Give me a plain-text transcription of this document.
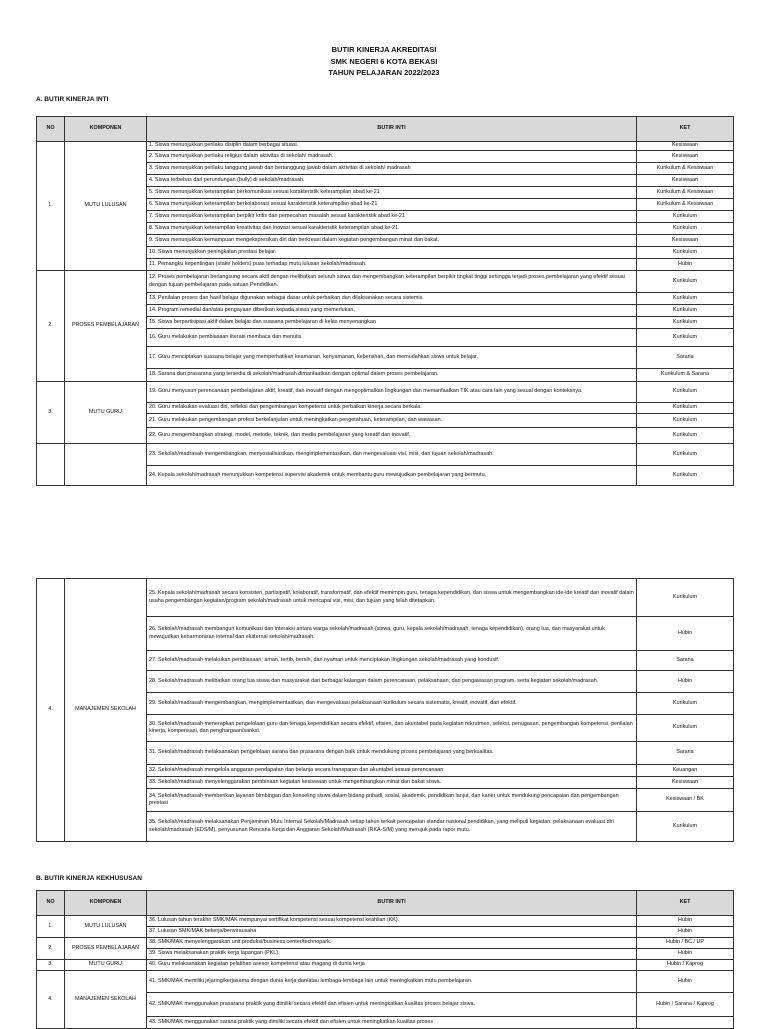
BUTIR KINERJA AKREDITASI
SMK NEGERI 6 KOTA BEKASI
TAHUN PELAJARAN 2022/2023
A. BUTIR KINERJA INTI
NO	KOMPONEN	BUTIR INTI	KET
1.	MUTU LULUSAN	1. Siswa menunjukkan perilaku disiplin dalam berbagai situasi.	Kesiswaan
		2. Siswa menunjukkan perilaku religius dalam aktivitas di sekolah/ madrasah.	Kesiswaan
		3. Siswa menunjukkan perilaku tanggung jawab dan bertanggung jawab dalam aktivitas di sekolah/ madrasah	Kurikulum & Kesiswaan
		4. Siswa terbebas dari perundungan (bully) di sekolah/madrasah.	Kesiswaan
		5. Siswa menunjukkan keterampilan berkomunikasi sesuai karakteristik keterampilan abad ke-21	Kurikulum & Kesiswaan
		6. Siswa menunjukkan keterampilan berkolaborasi sesuai karakteristik keterampilan abad ke-21	Kurikulum & Kesiswaan
		7. Siswa menunjukkan keterampilan berpikir kritis dan pemecahan masalah sesuai karakteristik abad ke-21	Kurikulum
		8. Siswa menunjukkan keterampilan kreativitas dan inovasi sesuai karakteristik keterampilan abad ke-21.	Kurikulum
		9. Siswa menunjukkan kemampuan mengekspresikan diri dan berkreasi dalam kegiatan pengembangan minat dan bakat.	Kesiswaan
		10. Siswa menunjukkan peningkatan prestasi belajar.	Kurikulum
		11. Pemangku kepentingan (stake holders) puas terhadap mutu lulusan sekolah/madrasah.	Hubin
2.	PROSES PEMBELAJARAN	12. Proses pembelajaran berlangsung secara aktif dengan melibatkan seluruh siswa dan mengembangkan keterampilan berpikir tingkat tinggi sehingga terjadi proses pembelajaran yang efektif sesuai dengan tujuan pembelajaran pada satuan Pendidikan.	Kurikulum
		13. Penilaian proses dan hasil belajar digunakan sebagai dasar untuk perbaikan dan dilaksanakan secara sistemis.	Kurikulum
		14. Program remedial dan/atau pengayaan diberikan kepada siswa yang memerlukan.	Kurikulum
		15. Siswa berpartisipasi aktif dalam belajar dan suasana pembelajaran di kelas menyenangkan	Kurikulum
		16. Guru melakukan pembiasaan literasi membaca dan menulis.	Kurikulum
		17. Guru menciptakan suasana belajar yang memperhatikan keamanan, kenyamanan, kebersihan, dan memudahkan siswa untuk belajar.	Sarana
		18. Sarana dan prasarana yang tersedia di sekolah/madrasah dimanfaatkan dengan optimal dalam proses pembelajaran.	Kurikulum & Sarana
3.	MUTU GURU	19. Guru menyusun perencanaan pembelajaran aktif, kreatif, dan inovatif dengan mengoptimalkan lingkungan dan memanfaatkan TIK atau cara lain yang sesuai dengan konteksnya.	Kurikulum
		20. Guru melakukan evaluasi diri, refleksi dan pengembangan kompetensi untuk perbaikan kinerja secara berkala.	Kurikulum
		21. Guru melakukan pengembangan profesi berkelanjutan untuk meningkatkan pengetahuan, keterampilan, dan wawasan.	Kurikulum
		22. Guru mengembangkan strategi, model, metode, teknik, dan media pembelajaran yang kreatif dan inovatif.	Kurikulum
		23. Sekolah/madrasah mengembangkan, menyosialisasikan, mengimplementasikan, dan mengevaluasi visi, misi, dan tujuan sekolah/madrasah.	Kurikulum
		24. Kepala sekolah/madrasah menunjukkan kompetensi supervisi akademik untuk membantu guru mewujudkan pembelajaran yang bermutu.	Kurikulum
4.	MANAJEMEN SEKOLAH	25. Kepala sekolah/madrasah secara konsisten, partisipatif, kolaboratif, transformatif, dan efektif memimpin guru, tenaga kependidikan, dan siswa untuk mengembangkan ide-ide kreatif dan inovatif dalam usaha pengembangan kegiatan/program sekolah/madrasah untuk mencapai visi, misi, dan tujuan yang telah ditetapkan.	Kurikulum
		26. Sekolah/madrasah membangun komunikasi dan interaksi antara warga sekolah/madrasah (siswa, guru, kepala sekolah/madrasah, tenaga kependidikan), orang tua, dan masyarakat untuk mewujudkan keharmonisan internal dan eksternal sekolah/madrasah.	Hubin
		27. Sekolah/madrasah melakukan pembiasaan; aman, tertib, bersih, dan nyaman untuk menciptakan lingkungan sekolah/madrasah yang kondusif.	Sarana
		28. Sekolah/madrasah melibatkan orang tua siswa dan masyarakat dari berbagai kalangan dalam perencanaan, pelaksanaan, dan pengawasan program, serta kegiatan sekolah/madrasah.	Hubin
		29. Sekolah/madrasah mengembangkan, mengimplementasikan, dan mengevaluasi pelaksanaan kurikulum secara sistematis, kreatif, inovatif, dan efektif.	Kurikulum
		30. Sekolah/madrasah menerapkan pengelolaan guru dan tenaga kependidikan secara efektif, efisien, dan akuntabel pada kegiatan rekrutmen, seleksi, penugasan, pengembangan kompetensi, penilaian kinerja, kompensasi, dan penghargaan/sanksi.	Kurikulum
		31. Sekolah/madrasah melaksanakan pengelolaan sarana dan prasarana dengan baik untuk mendukung proses pembelajaran yang berkualitas.	Sarana
		32. Sekolah/madrasah mengelola anggaran pendapatan dan belanja secara transparan dan akuntabel sesuai perencanaan	Keuangan
		33. Sekolah/madrasah menyelenggarakan pembinaan kegiatan kesiswaan untuk mengembangkan minat dan bakat siswa.	Kesiswaan
		34. Sekolah/madrasah memberikan layanan bimbingan dan konseling siswa dalam bidang pribadi, sosial, akademik, pendidikan lanjut, dan karier untuk mendukung pencapaian dan pengembangan prestasi	Kesiswaan / BK
		35. Sekolah/madrasah melaksanakan Penjaminan Mutu Internal Sekolah/Madrasah setiap tahun terkait pencapaian standar nasional pendidikan, yang meliputi kegiatan: pelaksanaan evaluasi diri sekolah/madrasah (EDS/M), penyusunan Rencana Kerja dan Anggaran Sekolah/Madrasah (RKA-S/M) yang merujuk pada rapor mutu.	Kurikulum
B. BUTIR KINERJA KEKHUSUSAN
NO	KOMPONEN	BUTIR INTI	KET
1.	MUTU LULUSAN	36. Lulusan tahun terakhir SMK/MAK mempunyai sertifikat kompetensi sesuai kompetensi keahlian (KK).	Hubin
		37. Lulusan SMK/MAK bekerja/berwirausaha	Hubin
2.	PROSES PEMBELAJARAN	38. SMK/MAK menyelenggarakan unit produksi/business center/technopark.	Hubin / BC / UP
		39. Siswa melaksanakan praktik kerja lapangan (PKL).	Hubin
3.	MUTU GURU	40. Guru melaksanakan kegiatan pelatihan asesor kompetensi atau magang di dunia kerja	Hubin / Kaprog
4.	MANAJEMEN SEKOLAH	41. SMK/MAK memiliki jejaring/kerjasama dengan dunia kerja dan/atau lembaga-lembaga lain untuk meningkatkan mutu pembelajaran.	Hubin
		42. SMK/MAK menggunakan prasarana praktik yang dimiliki secara efektif dan efisien untuk meningkatkan kualitas proses belajar siswa.	Hubin / Sarana / Kaprog
		43. SMK/MAK menggunakan sarana praktik yang dimiliki secara efektif dan efisien untuk meningkatkan kualitas proses	
